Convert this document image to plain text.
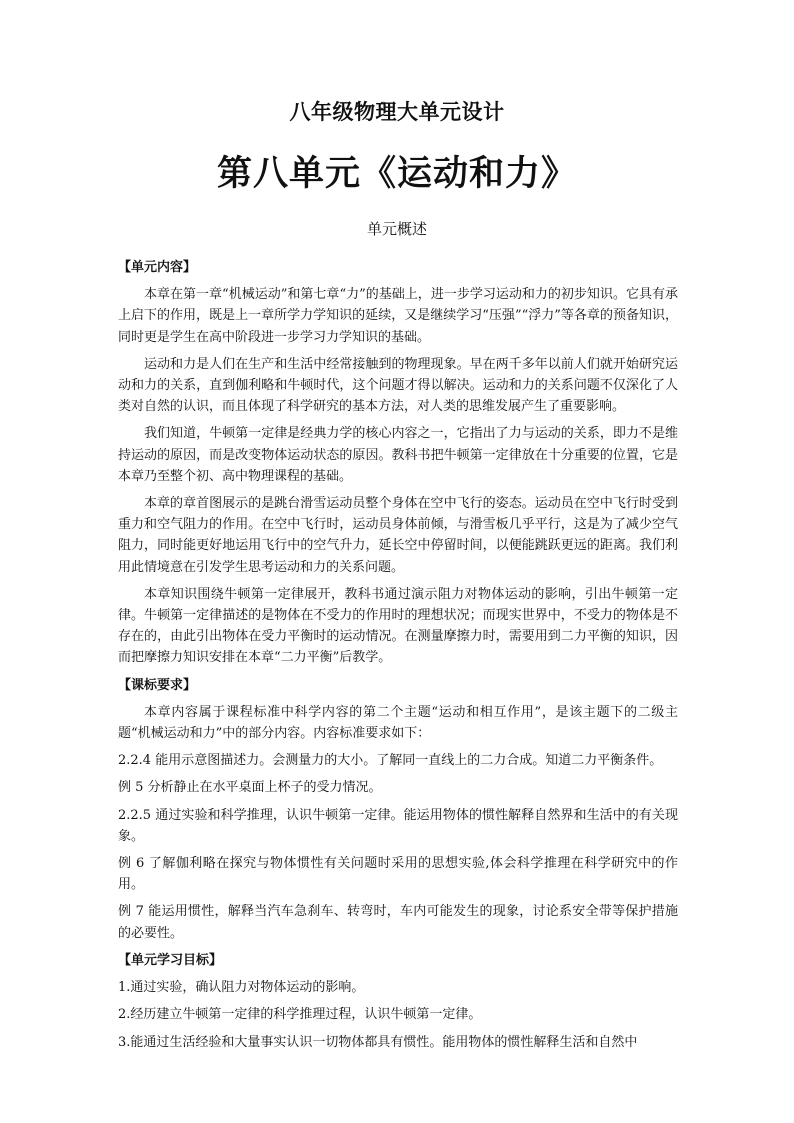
八年级物理大单元设计
第八单元《运动和力》
单元概述
【单元内容】

本章在第一章“机械运动”和第七章“力”的基础上，进一步学习运动和力的初步知识。它具有承上启下的作用，既是上一章所学力学知识的延续，又是继续学习“压强”“浮力”等各章的预备知识，同时更是学生在高中阶段进一步学习力学知识的基础。

运动和力是人们在生产和生活中经常接触到的物理现象。早在两千多年以前人们就开始研究运动和力的关系，直到伽利略和牛顿时代，这个问题才得以解决。运动和力的关系问题不仅深化了人类对自然的认识，而且体现了科学研究的基本方法，对人类的思维发展产生了重要影响。

我们知道，牛顿第一定律是经典力学的核心内容之一，它指出了力与运动的关系，即力不是维持运动的原因，而是改变物体运动状态的原因。教科书把牛顿第一定律放在十分重要的位置，它是本章乃至整个初、高中物理课程的基础。

本章的章首图展示的是跳台滑雪运动员整个身体在空中飞行的姿态。运动员在空中飞行时受到重力和空气阻力的作用。在空中飞行时，运动员身体前倾，与滑雪板几乎平行，这是为了减少空气阻力，同时能更好地运用飞行中的空气升力，延长空中停留时间，以便能跳跃更远的距离。我们利用此情境意在引发学生思考运动和力的关系问题。

本章知识围绕牛顿第一定律展开，教科书通过演示阻力对物体运动的影响，引出牛顿第一定律。牛顿第一定律描述的是物体在不受力的作用时的理想状况；而现实世界中，不受力的物体是不存在的，由此引出物体在受力平衡时的运动情况。在测量摩擦力时，需要用到二力平衡的知识，因而把摩擦力知识安排在本章“二力平衡”后教学。

【课标要求】

本章内容属于课程标准中科学内容的第二个主题“运动和相互作用”，是该主题下的二级主题“机械运动和力”中的部分内容。内容标准要求如下：

2.2.4 能用示意图描述力。会测量力的大小。了解同一直线上的二力合成。知道二力平衡条件。

例 5 分析静止在水平桌面上杯子的受力情况。

2.2.5 通过实验和科学推理，认识牛顿第一定律。能运用物体的惯性解释自然界和生活中的有关现象。

例 6 了解伽利略在探究与物体惯性有关问题时采用的思想实验,体会科学推理在科学研究中的作用。

例 7 能运用惯性，解释当汽车急刹车、转弯时，车内可能发生的现象，讨论系安全带等保护措施的必要性。

【单元学习目标】

1.通过实验，确认阻力对物体运动的影响。

2.经历建立牛顿第一定律的科学推理过程，认识牛顿第一定律。

3.能通过生活经验和大量事实认识一切物体都具有惯性。能用物体的惯性解释生活和自然中
